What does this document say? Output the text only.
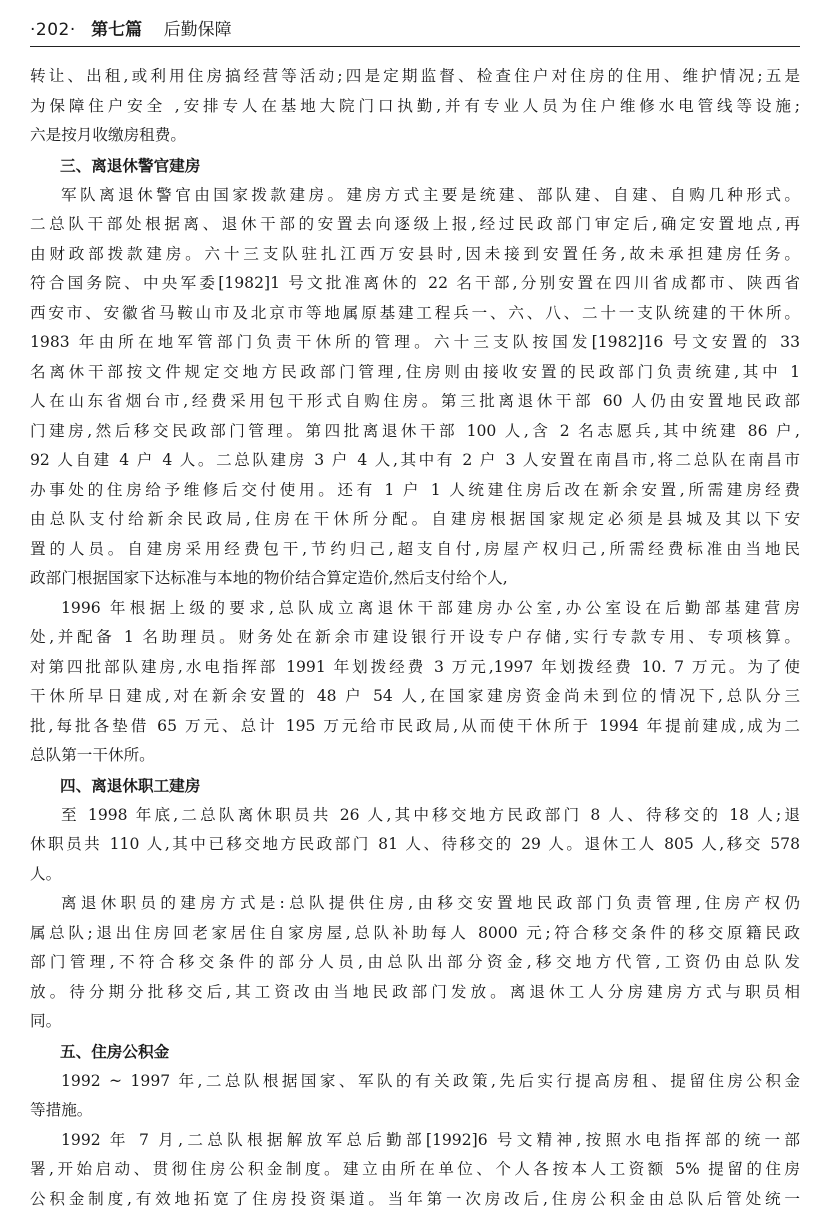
·202· 第七篇 后勤保障
转让、出租,或利用住房搞经营等活动;四是定期监督、检查住户对住房的住用、维护情况;五是
为保障住户安全 ,安排专人在基地大院门口执勤,并有专业人员为住户维修水电管线等设施;
六是按月收缴房租费。
三、离退休警官建房
军队离退休警官由国家拨款建房。建房方式主要是统建、部队建、自建、自购几种形式。
二总队干部处根据离、退休干部的安置去向逐级上报,经过民政部门审定后,确定安置地点,再
由财政部拨款建房。六十三支队驻扎江西万安县时,因未接到安置任务,故未承担建房任务。
符合国务院、中央军委[1982]1 号文批准离休的 22 名干部,分别安置在四川省成都市、陕西省
西安市、安徽省马鞍山市及北京市等地属原基建工程兵一、六、八、二十一支队统建的干休所。
1983 年由所在地军管部门负责干休所的管理。六十三支队按国发[1982]16 号文安置的 33
名离休干部按文件规定交地方民政部门管理,住房则由接收安置的民政部门负责统建,其中 1
人在山东省烟台市,经费采用包干形式自购住房。第三批离退休干部 60 人仍由安置地民政部
门建房,然后移交民政部门管理。第四批离退休干部 100 人,含 2 名志愿兵,其中统建 86 户,
92 人自建 4 户 4 人。二总队建房 3 户 4 人,其中有 2 户 3 人安置在南昌市,将二总队在南昌市
办事处的住房给予维修后交付使用。还有 1 户 1 人统建住房后改在新余安置,所需建房经费
由总队支付给新余民政局,住房在干休所分配。自建房根据国家规定必须是县城及其以下安
置的人员。自建房采用经费包干,节约归己,超支自付,房屋产权归己,所需经费标准由当地民
政部门根据国家下达标准与本地的物价结合算定造价,然后支付给个人,
1996 年根据上级的要求,总队成立离退休干部建房办公室,办公室设在后勤部基建营房
处,并配备 1 名助理员。财务处在新余市建设银行开设专户存储,实行专款专用、专项核算。
对第四批部队建房,水电指挥部 1991 年划拨经费 3 万元,1997 年划拨经费 10. 7 万元。为了使
干休所早日建成,对在新余安置的 48 户 54 人,在国家建房资金尚未到位的情况下,总队分三
批,每批各垫借 65 万元、总计 195 万元给市民政局,从而使干休所于 1994 年提前建成,成为二
总队第一干休所。
四、离退休职工建房
至 1998 年底,二总队离休职员共 26 人,其中移交地方民政部门 8 人、待移交的 18 人;退
休职员共 110 人,其中已移交地方民政部门 81 人、待移交的 29 人。退休工人 805 人,移交 578
人。
离退休职员的建房方式是:总队提供住房,由移交安置地民政部门负责管理,住房产权仍
属总队;退出住房回老家居住自家房屋,总队补助每人 8000 元;符合移交条件的移交原籍民政
部门管理,不符合移交条件的部分人员,由总队出部分资金,移交地方代管,工资仍由总队发
放。待分期分批移交后,其工资改由当地民政部门发放。离退休工人分房建房方式与职员相
同。
五、住房公积金
1992 ~ 1997 年,二总队根据国家、军队的有关政策,先后实行提高房租、提留住房公积金
等措施。
1992 年 7 月,二总队根据解放军总后勤部[1992]6 号文精神,按照水电指挥部的统一部
署,开始启动、贯彻住房公积金制度。建立由所在单位、个人各按本人工资额 5% 提留的住房
公积金制度,有效地拓宽了住房投资渠道。当年第一次房改后,住房公积金由总队后管处统一
